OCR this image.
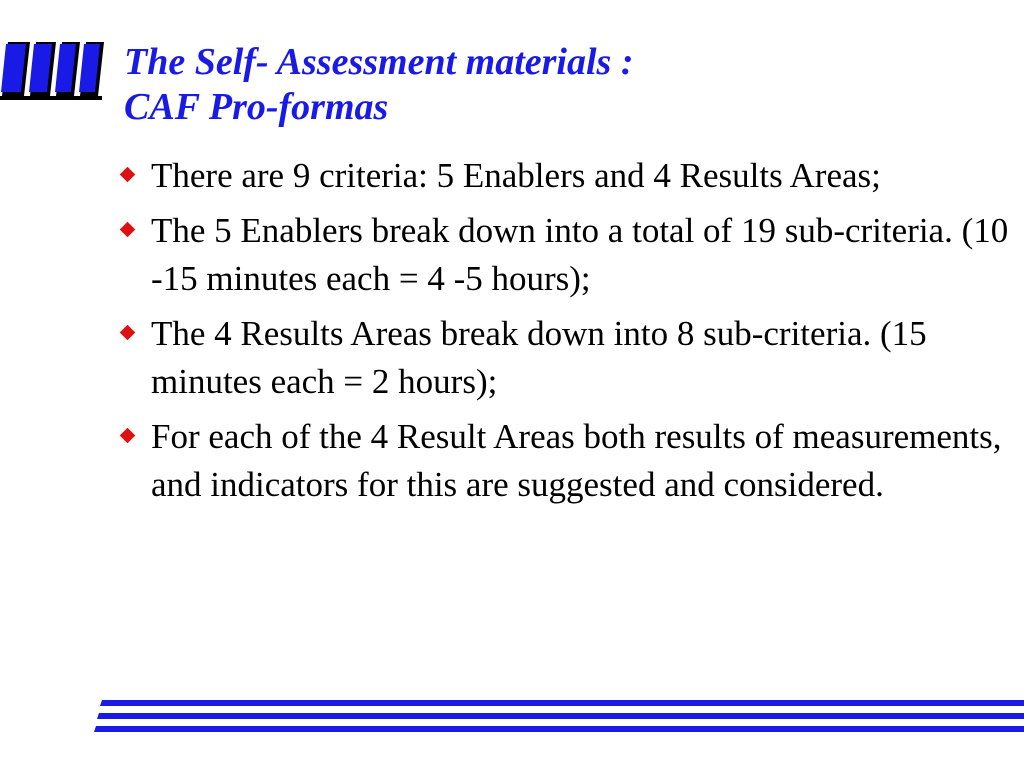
The Self- Assessment materials :
CAF Pro-formas
There are 9 criteria: 5 Enablers and 4 Results Areas;
The 5 Enablers break down into a total of 19 sub-criteria. (10 -15 minutes each = 4 -5 hours);
The 4 Results Areas break down into 8 sub-criteria. (15 minutes each = 2 hours);
For each of the 4 Result Areas both results of measurements, and indicators for this are suggested and considered.
